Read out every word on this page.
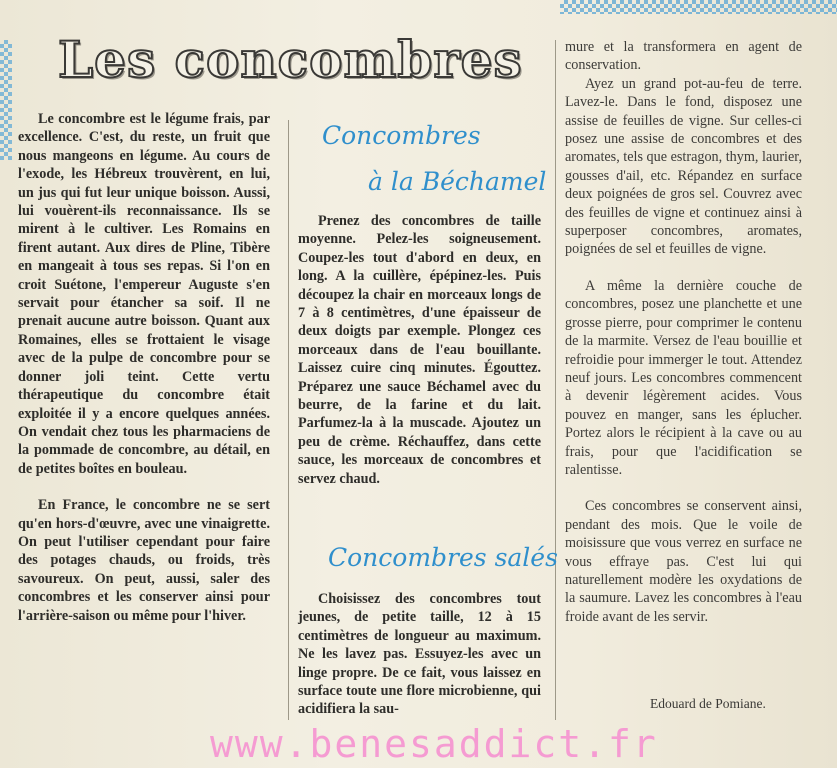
Les concombres

Le concombre est le légume frais, par excellence. C'est, du reste, un fruit que nous mangeons en légume. Au cours de l'exode, les Hébreux trouvèrent, en lui, un jus qui fut leur unique boisson. Aussi, lui vouèrent-ils reconnaissance. Ils se mirent à le cultiver. Les Romains en firent autant. Aux dires de Pline, Tibère en mangeait à tous ses repas. Si l'on en croit Suétone, l'empereur Auguste s'en servait pour étancher sa soif. Il ne prenait aucune autre boisson. Quant aux Romaines, elles se frottaient le visage avec de la pulpe de concombre pour se donner joli teint. Cette vertu thérapeutique du concombre était exploitée il y a encore quelques années. On vendait chez tous les pharmaciens de la pommade de concombre, au détail, en de petites boîtes en bouleau.

En France, le concombre ne se sert qu'en hors-d'œuvre, avec une vinaigrette. On peut l'utiliser cependant pour faire des potages chauds, ou froids, très savoureux. On peut, aussi, saler des concombres et les conserver ainsi pour l'arrière-saison ou même pour l'hiver.

Concombres
à la Béchamel

Prenez des concombres de taille moyenne. Pelez-les soigneusement. Coupez-les tout d'abord en deux, en long. A la cuillère, épépinez-les. Puis découpez la chair en morceaux longs de 7 à 8 centimètres, d'une épaisseur de deux doigts par exemple. Plongez ces morceaux dans de l'eau bouillante. Laissez cuire cinq minutes. Égouttez. Préparez une sauce Béchamel avec du beurre, de la farine et du lait. Parfumez-la à la muscade. Ajoutez un peu de crème. Réchauffez, dans cette sauce, les morceaux de concombres et servez chaud.

Concombres salés

Choisissez des concombres tout jeunes, de petite taille, 12 à 15 centimètres de longueur au maximum. Ne les lavez pas. Essuyez-les avec un linge propre. De ce fait, vous laissez en surface toute une flore microbienne, qui acidifiera la sau-

mure et la transformera en agent de conservation.

Ayez un grand pot-au-feu de terre. Lavez-le. Dans le fond, disposez une assise de feuilles de vigne. Sur celles-ci posez une assise de concombres et des aromates, tels que estragon, thym, laurier, gousses d'ail, etc. Répandez en surface deux poignées de gros sel. Couvrez avec des feuilles de vigne et continuez ainsi à superposer concombres, aromates, poignées de sel et feuilles de vigne.

A même la dernière couche de concombres, posez une planchette et une grosse pierre, pour comprimer le contenu de la marmite. Versez de l'eau bouillie et refroidie pour immerger le tout. Attendez neuf jours. Les concombres commencent à devenir légèrement acides. Vous pouvez en manger, sans les éplucher. Portez alors le récipient à la cave ou au frais, pour que l'acidification se ralentisse.

Ces concombres se conservent ainsi, pendant des mois. Que le voile de moisissure que vous verrez en surface ne vous effraye pas. C'est lui qui naturellement modère les oxydations de la saumure. Lavez les concombres à l'eau froide avant de les servir.

Edouard de Pomiane.
www.benesaddict.fr
